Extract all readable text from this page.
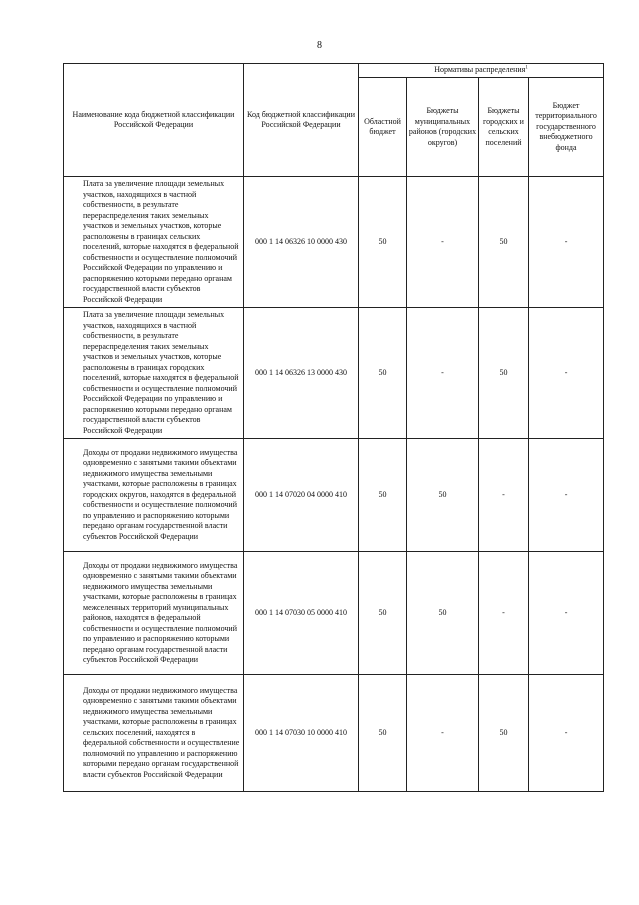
8
Наименование кода бюджетной классификации Российской Федерации	Код бюджетной классификации Российской Федерации	Нормативы распределения$^1$
		Областной бюджет	Бюджеты муниципальных районов (городских округов)	Бюджеты городских и сельских поселений	Бюджет территориального государственного внебюджетного фонда
Плата за увеличение площади земельных участков, находящихся в частной собственности, в результате перераспределения таких земельных участков и земельных участков, которые расположены в границах сельских поселений, которые находятся в федеральной собственности и осуществление полномочий Российской Федерации по управлению и распоряжению которыми передано органам государственной власти субъектов Российской Федерации	000 1 14 06326 10 0000 430	50	-	50	-
Плата за увеличение площади земельных участков, находящихся в частной собственности, в результате перераспределения таких земельных участков и земельных участков, которые расположены в границах городских поселений, которые находятся в федеральной собственности и осуществление полномочий Российской Федерации по управлению и распоряжению которыми передано органам государственной власти субъектов Российской Федерации	000 1 14 06326 13 0000 430	50	-	50	-
Доходы от продажи недвижимого имущества одновременно с занятыми такими объектами недвижимого имущества земельными участками, которые расположены в границах городских округов, находятся в федеральной собственности и осуществление полномочий по управлению и распоряжению которыми передано органам государственной власти субъектов Российской Федерации	000 1 14 07020 04 0000 410	50	50	-	-
Доходы от продажи недвижимого имущества одновременно с занятыми такими объектами недвижимого имущества земельными участками, которые расположены в границах межселенных территорий муниципальных районов, находятся в федеральной собственности и осуществление полномочий по управлению и распоряжению которыми передано органам государственной власти субъектов Российской Федерации	000 1 14 07030 05 0000 410	50	50	-	-
Доходы от продажи недвижимого имущества одновременно с занятыми такими объектами недвижимого имущества земельными участками, которые расположены в границах сельских поселений, находятся в федеральной собственности и осуществление полномочий по управлению и распоряжению которыми передано органам государственной власти субъектов Российской Федерации	000 1 14 07030 10 0000 410	50	-	50	-
